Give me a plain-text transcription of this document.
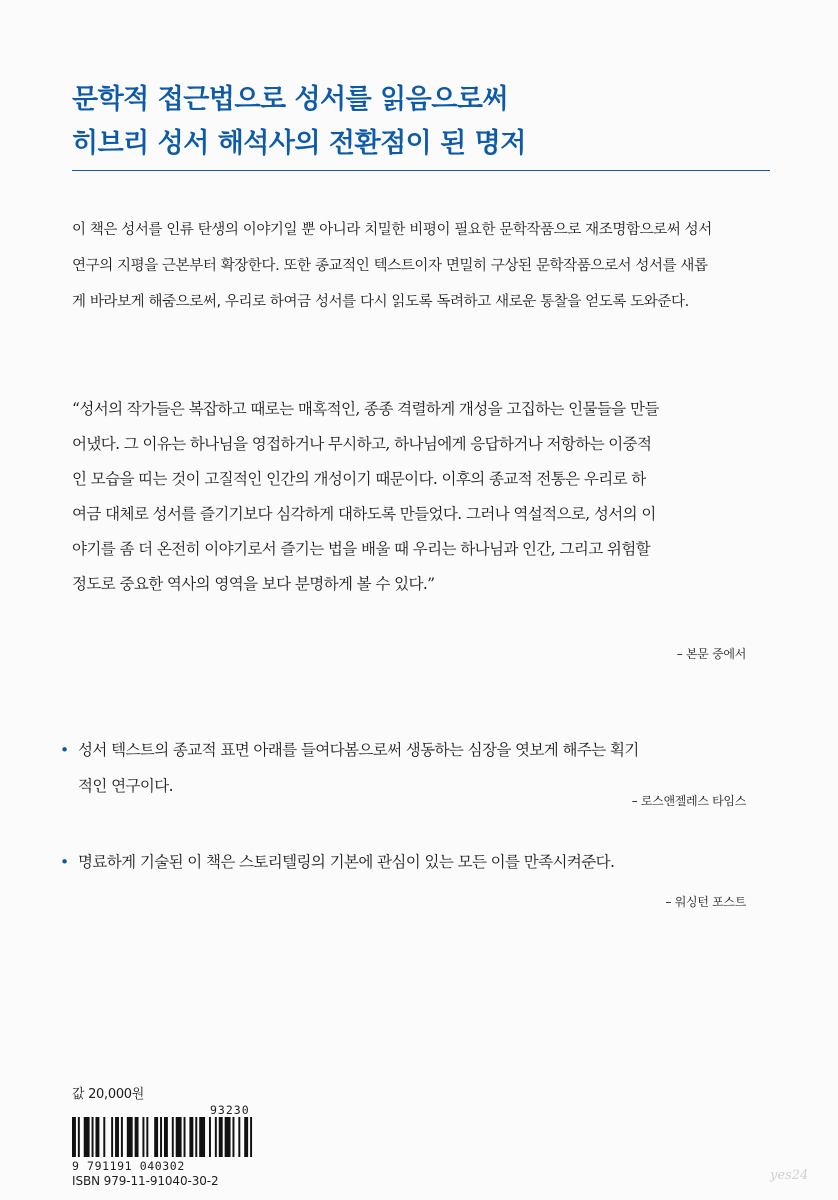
문학적 접근법으로 성서를 읽음으로써
히브리 성서 해석사의 전환점이 된 명저
이 책은 성서를 인류 탄생의 이야기일 뿐 아니라 치밀한 비평이 필요한 문학작품으로 재조명함으로써 성서
연구의 지평을 근본부터 확장한다. 또한 종교적인 텍스트이자 면밀히 구상된 문학작품으로서 성서를 새롭
게 바라보게 해줌으로써, 우리로 하여금 성서를 다시 읽도록 독려하고 새로운 통찰을 얻도록 도와준다.
“성서의 작가들은 복잡하고 때로는 매혹적인, 종종 격렬하게 개성을 고집하는 인물들을 만들
어냈다. 그 이유는 하나님을 영접하거나 무시하고, 하나님에게 응답하거나 저항하는 이중적
인 모습을 띠는 것이 고질적인 인간의 개성이기 때문이다. 이후의 종교적 전통은 우리로 하
여금 대체로 성서를 즐기기보다 심각하게 대하도록 만들었다. 그러나 역설적으로, 성서의 이
야기를 좀 더 온전히 이야기로서 즐기는 법을 배울 때 우리는 하나님과 인간, 그리고 위험할
정도로 중요한 역사의 영역을 보다 분명하게 볼 수 있다.”
– 본문 중에서
• 성서 텍스트의 종교적 표면 아래를 들여다봄으로써 생동하는 심장을 엿보게 해주는 획기
적인 연구이다.
– 로스앤젤레스 타임스
• 명료하게 기술된 이 책은 스토리텔링의 기본에 관심이 있는 모든 이를 만족시켜준다.
– 워싱턴 포스트
값 20,000원
93230
9 791191 040302
ISBN 979-11-91040-30-2	yes24
